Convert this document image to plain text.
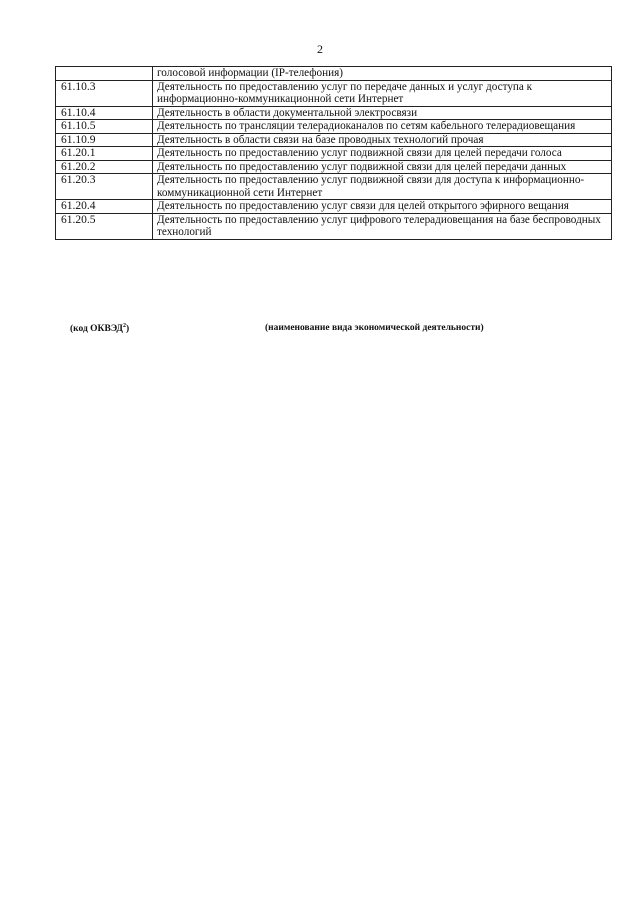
2
	голосовой информации (IP-телефония)
61.10.3	Деятельность по предоставлению услуг по передаче данных и услуг доступа к информационно-коммуникационной сети Интернет
61.10.4	Деятельность в области документальной электросвязи
61.10.5	Деятельность по трансляции телерадиоканалов по сетям кабельного телерадиовещания
61.10.9	Деятельность в области связи на базе проводных технологий прочая
61.20.1	Деятельность по предоставлению услуг подвижной связи для целей передачи голоса
61.20.2	Деятельность по предоставлению услуг подвижной связи для целей передачи данных
61.20.3	Деятельность по предоставлению услуг подвижной связи для доступа к информационно-коммуникационной сети Интернет
61.20.4	Деятельность по предоставлению услуг связи для целей открытого эфирного вещания
61.20.5	Деятельность по предоставлению услуг цифрового телерадиовещания на базе беспроводных технологий
(код ОКВЭД$^2$)	(наименование вида экономической деятельности)
